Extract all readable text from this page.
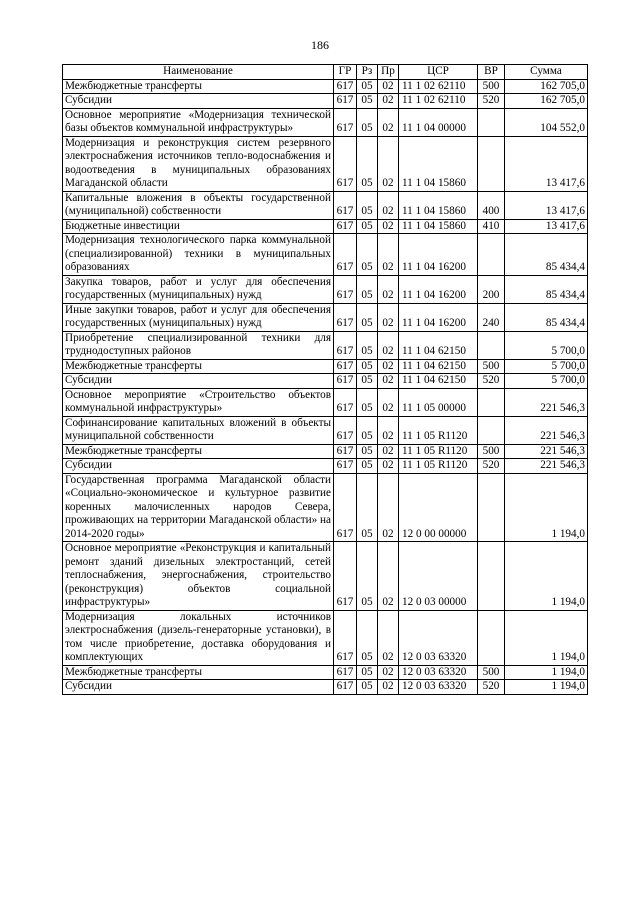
186
Наименование	ГР	Рз	Пр	ЦСР	ВР	Сумма
Межбюджетные трансферты	617	05	02	11 1 02 62110	500	162 705,0
Субсидии	617	05	02	11 1 02 62110	520	162 705,0
Основное мероприятие «Модернизация технической базы объектов коммунальной инфраструктуры»	617	05	02	11 1 04 00000		104 552,0
Модернизация и реконструкция систем резервного электроснабжения источников тепло-водоснабжения и водоотведения в муниципальных образованиях Магаданской области	617	05	02	11 1 04 15860		13 417,6
Капитальные вложения в объекты государственной (муниципальной) собственности	617	05	02	11 1 04 15860	400	13 417,6
Бюджетные инвестиции	617	05	02	11 1 04 15860	410	13 417,6
Модернизация технологического парка коммунальной (специализированной) техники в муниципальных образованиях	617	05	02	11 1 04 16200		85 434,4
Закупка товаров, работ и услуг для обеспечения государственных (муниципальных) нужд	617	05	02	11 1 04 16200	200	85 434,4
Иные закупки товаров, работ и услуг для обеспечения государственных (муниципальных) нужд	617	05	02	11 1 04 16200	240	85 434,4
Приобретение специализированной техники для труднодоступных районов	617	05	02	11 1 04 62150		5 700,0
Межбюджетные трансферты	617	05	02	11 1 04 62150	500	5 700,0
Субсидии	617	05	02	11 1 04 62150	520	5 700,0
Основное мероприятие «Строительство объектов коммунальной инфраструктуры»	617	05	02	11 1 05 00000		221 546,3
Софинансирование капитальных вложений в объекты муниципальной собственности	617	05	02	11 1 05 R1120		221 546,3
Межбюджетные трансферты	617	05	02	11 1 05 R1120	500	221 546,3
Субсидии	617	05	02	11 1 05 R1120	520	221 546,3
Государственная программа Магаданской области «Социально-экономическое и культурное развитие коренных малочисленных народов Севера, проживающих на территории Магаданской области» на 2014-2020 годы»	617	05	02	12 0 00 00000		1 194,0
Основное мероприятие «Реконструкция и капитальный ремонт зданий дизельных электростанций, сетей теплоснабжения, энергоснабжения, строительство (реконструкция) объектов социальной инфраструктуры»	617	05	02	12 0 03 00000		1 194,0
Модернизация локальных источников электроснабжения (дизель-генераторные установки), в том числе приобретение, доставка оборудования и комплектующих	617	05	02	12 0 03 63320		1 194,0
Межбюджетные трансферты	617	05	02	12 0 03 63320	500	1 194,0
Субсидии	617	05	02	12 0 03 63320	520	1 194,0
